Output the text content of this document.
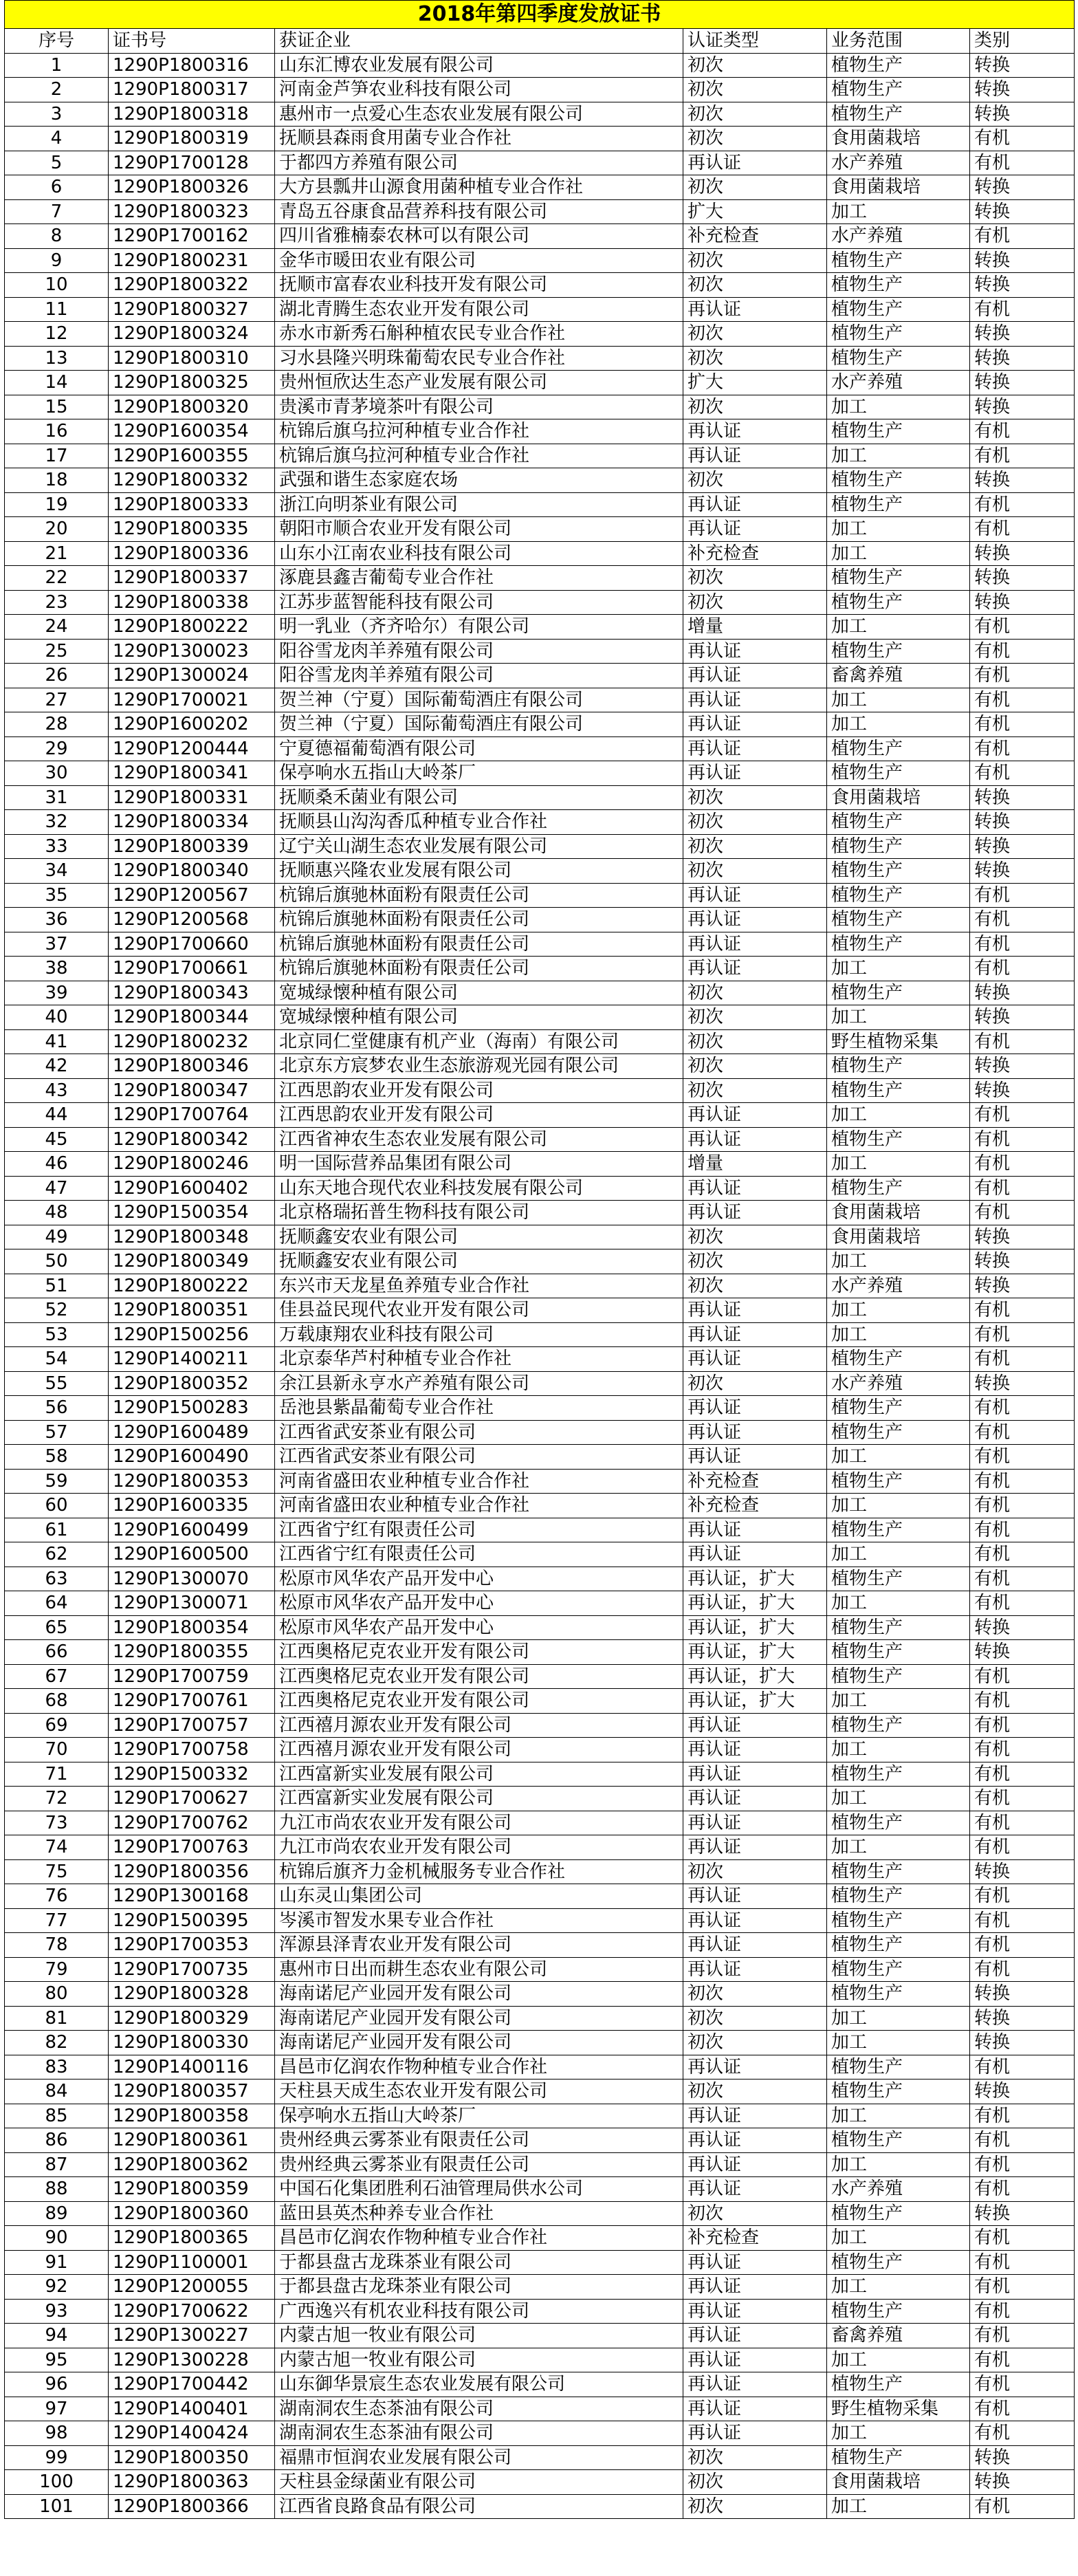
2018年第四季度发放证书					
序号	证书号	获证企业	认证类型	业务范围	类别
1	1290P1800316	山东汇博农业发展有限公司	初次	植物生产	转换
2	1290P1800317	河南金芦笋农业科技有限公司	初次	植物生产	转换
3	1290P1800318	惠州市一点爱心生态农业发展有限公司	初次	植物生产	转换
4	1290P1800319	抚顺县森雨食用菌专业合作社	初次	食用菌栽培	有机
5	1290P1700128	于都四方养殖有限公司	再认证	水产养殖	有机
6	1290P1800326	大方县瓢井山源食用菌种植专业合作社	初次	食用菌栽培	转换
7	1290P1800323	青岛五谷康食品营养科技有限公司	扩大	加工	转换
8	1290P1700162	四川省雅楠泰农林可以有限公司	补充检查	水产养殖	有机
9	1290P1800231	金华市暖田农业有限公司	初次	植物生产	转换
10	1290P1800322	抚顺市富春农业科技开发有限公司	初次	植物生产	转换
11	1290P1800327	湖北青腾生态农业开发有限公司	再认证	植物生产	有机
12	1290P1800324	赤水市新秀石斛种植农民专业合作社	初次	植物生产	转换
13	1290P1800310	习水县隆兴明珠葡萄农民专业合作社	初次	植物生产	转换
14	1290P1800325	贵州恒欣达生态产业发展有限公司	扩大	水产养殖	转换
15	1290P1800320	贵溪市青茅境茶叶有限公司	初次	加工	转换
16	1290P1600354	杭锦后旗乌拉河种植专业合作社	再认证	植物生产	有机
17	1290P1600355	杭锦后旗乌拉河种植专业合作社	再认证	加工	有机
18	1290P1800332	武强和谐生态家庭农场	初次	植物生产	转换
19	1290P1800333	浙江向明茶业有限公司	再认证	植物生产	有机
20	1290P1800335	朝阳市顺合农业开发有限公司	再认证	加工	有机
21	1290P1800336	山东小江南农业科技有限公司	补充检查	加工	转换
22	1290P1800337	涿鹿县鑫吉葡萄专业合作社	初次	植物生产	转换
23	1290P1800338	江苏步蓝智能科技有限公司	初次	植物生产	转换
24	1290P1800222	明一乳业（齐齐哈尔）有限公司	增量	加工	有机
25	1290P1300023	阳谷雪龙肉羊养殖有限公司	再认证	植物生产	有机
26	1290P1300024	阳谷雪龙肉羊养殖有限公司	再认证	畜禽养殖	有机
27	1290P1700021	贺兰神（宁夏）国际葡萄酒庄有限公司	再认证	加工	有机
28	1290P1600202	贺兰神（宁夏）国际葡萄酒庄有限公司	再认证	加工	有机
29	1290P1200444	宁夏德福葡萄酒有限公司	再认证	植物生产	有机
30	1290P1800341	保亭响水五指山大岭茶厂	再认证	植物生产	有机
31	1290P1800331	抚顺桑禾菌业有限公司	初次	食用菌栽培	转换
32	1290P1800334	抚顺县山沟沟香瓜种植专业合作社	初次	植物生产	转换
33	1290P1800339	辽宁关山湖生态农业发展有限公司	初次	植物生产	转换
34	1290P1800340	抚顺惠兴隆农业发展有限公司	初次	植物生产	转换
35	1290P1200567	杭锦后旗驰林面粉有限责任公司	再认证	植物生产	有机
36	1290P1200568	杭锦后旗驰林面粉有限责任公司	再认证	植物生产	有机
37	1290P1700660	杭锦后旗驰林面粉有限责任公司	再认证	植物生产	有机
38	1290P1700661	杭锦后旗驰林面粉有限责任公司	再认证	加工	有机
39	1290P1800343	宽城绿懐种植有限公司	初次	植物生产	转换
40	1290P1800344	宽城绿懐种植有限公司	初次	加工	转换
41	1290P1800232	北京同仁堂健康有机产业（海南）有限公司	初次	野生植物采集	有机
42	1290P1800346	北京东方宸梦农业生态旅游观光园有限公司	初次	植物生产	转换
43	1290P1800347	江西思韵农业开发有限公司	初次	植物生产	转换
44	1290P1700764	江西思韵农业开发有限公司	再认证	加工	有机
45	1290P1800342	江西省神农生态农业发展有限公司	再认证	植物生产	有机
46	1290P1800246	明一国际营养品集团有限公司	增量	加工	有机
47	1290P1600402	山东天地合现代农业科技发展有限公司	再认证	植物生产	有机
48	1290P1500354	北京格瑞拓普生物科技有限公司	再认证	食用菌栽培	有机
49	1290P1800348	抚顺鑫安农业有限公司	初次	食用菌栽培	转换
50	1290P1800349	抚顺鑫安农业有限公司	初次	加工	转换
51	1290P1800222	东兴市天龙星鱼养殖专业合作社	初次	水产养殖	转换
52	1290P1800351	佳县益民现代农业开发有限公司	再认证	加工	有机
53	1290P1500256	万载康翔农业科技有限公司	再认证	加工	有机
54	1290P1400211	北京泰华芦村种植专业合作社	再认证	植物生产	有机
55	1290P1800352	余江县新永亨水产养殖有限公司	初次	水产养殖	转换
56	1290P1500283	岳池县紫晶葡萄专业合作社	再认证	植物生产	有机
57	1290P1600489	江西省武安茶业有限公司	再认证	植物生产	有机
58	1290P1600490	江西省武安茶业有限公司	再认证	加工	有机
59	1290P1800353	河南省盛田农业种植专业合作社	补充检查	植物生产	有机
60	1290P1600335	河南省盛田农业种植专业合作社	补充检查	加工	有机
61	1290P1600499	江西省宁红有限责任公司	再认证	植物生产	有机
62	1290P1600500	江西省宁红有限责任公司	再认证	加工	有机
63	1290P1300070	松原市风华农产品开发中心	再认证，扩大	植物生产	有机
64	1290P1300071	松原市风华农产品开发中心	再认证，扩大	加工	有机
65	1290P1800354	松原市风华农产品开发中心	再认证，扩大	植物生产	转换
66	1290P1800355	江西奥格尼克农业开发有限公司	再认证，扩大	植物生产	转换
67	1290P1700759	江西奥格尼克农业开发有限公司	再认证，扩大	植物生产	有机
68	1290P1700761	江西奥格尼克农业开发有限公司	再认证，扩大	加工	有机
69	1290P1700757	江西禧月源农业开发有限公司	再认证	植物生产	有机
70	1290P1700758	江西禧月源农业开发有限公司	再认证	加工	有机
71	1290P1500332	江西富新实业发展有限公司	再认证	植物生产	有机
72	1290P1700627	江西富新实业发展有限公司	再认证	加工	有机
73	1290P1700762	九江市尚农农业开发有限公司	再认证	植物生产	有机
74	1290P1700763	九江市尚农农业开发有限公司	再认证	加工	有机
75	1290P1800356	杭锦后旗齐力金机械服务专业合作社	初次	植物生产	转换
76	1290P1300168	山东灵山集团公司	再认证	植物生产	有机
77	1290P1500395	岑溪市智发水果专业合作社	再认证	植物生产	有机
78	1290P1700353	浑源县泽青农业开发有限公司	再认证	植物生产	有机
79	1290P1700735	惠州市日出而耕生态农业有限公司	再认证	植物生产	有机
80	1290P1800328	海南诺尼产业园开发有限公司	初次	植物生产	转换
81	1290P1800329	海南诺尼产业园开发有限公司	初次	加工	转换
82	1290P1800330	海南诺尼产业园开发有限公司	初次	加工	转换
83	1290P1400116	昌邑市亿润农作物种植专业合作社	再认证	植物生产	有机
84	1290P1800357	天柱县天成生态农业开发有限公司	初次	植物生产	转换
85	1290P1800358	保亭响水五指山大岭茶厂	再认证	加工	有机
86	1290P1800361	贵州经典云雾茶业有限责任公司	再认证	植物生产	有机
87	1290P1800362	贵州经典云雾茶业有限责任公司	再认证	加工	有机
88	1290P1800359	中国石化集团胜利石油管理局供水公司	再认证	水产养殖	有机
89	1290P1800360	蓝田县英杰种养专业合作社	初次	植物生产	转换
90	1290P1800365	昌邑市亿润农作物种植专业合作社	补充检查	加工	有机
91	1290P1100001	于都县盘古龙珠茶业有限公司	再认证	植物生产	有机
92	1290P1200055	于都县盘古龙珠茶业有限公司	再认证	加工	有机
93	1290P1700622	广西逸兴有机农业科技有限公司	再认证	植物生产	有机
94	1290P1300227	内蒙古旭一牧业有限公司	再认证	畜禽养殖	有机
95	1290P1300228	内蒙古旭一牧业有限公司	再认证	加工	有机
96	1290P1700442	山东御华景宸生态农业发展有限公司	再认证	植物生产	有机
97	1290P1400401	湖南洞农生态茶油有限公司	再认证	野生植物采集	有机
98	1290P1400424	湖南洞农生态茶油有限公司	再认证	加工	有机
99	1290P1800350	福鼎市恒润农业发展有限公司	初次	植物生产	转换
100	1290P1800363	天柱县金绿菌业有限公司	初次	食用菌栽培	转换
101	1290P1800366	江西省良路食品有限公司	初次	加工	有机
